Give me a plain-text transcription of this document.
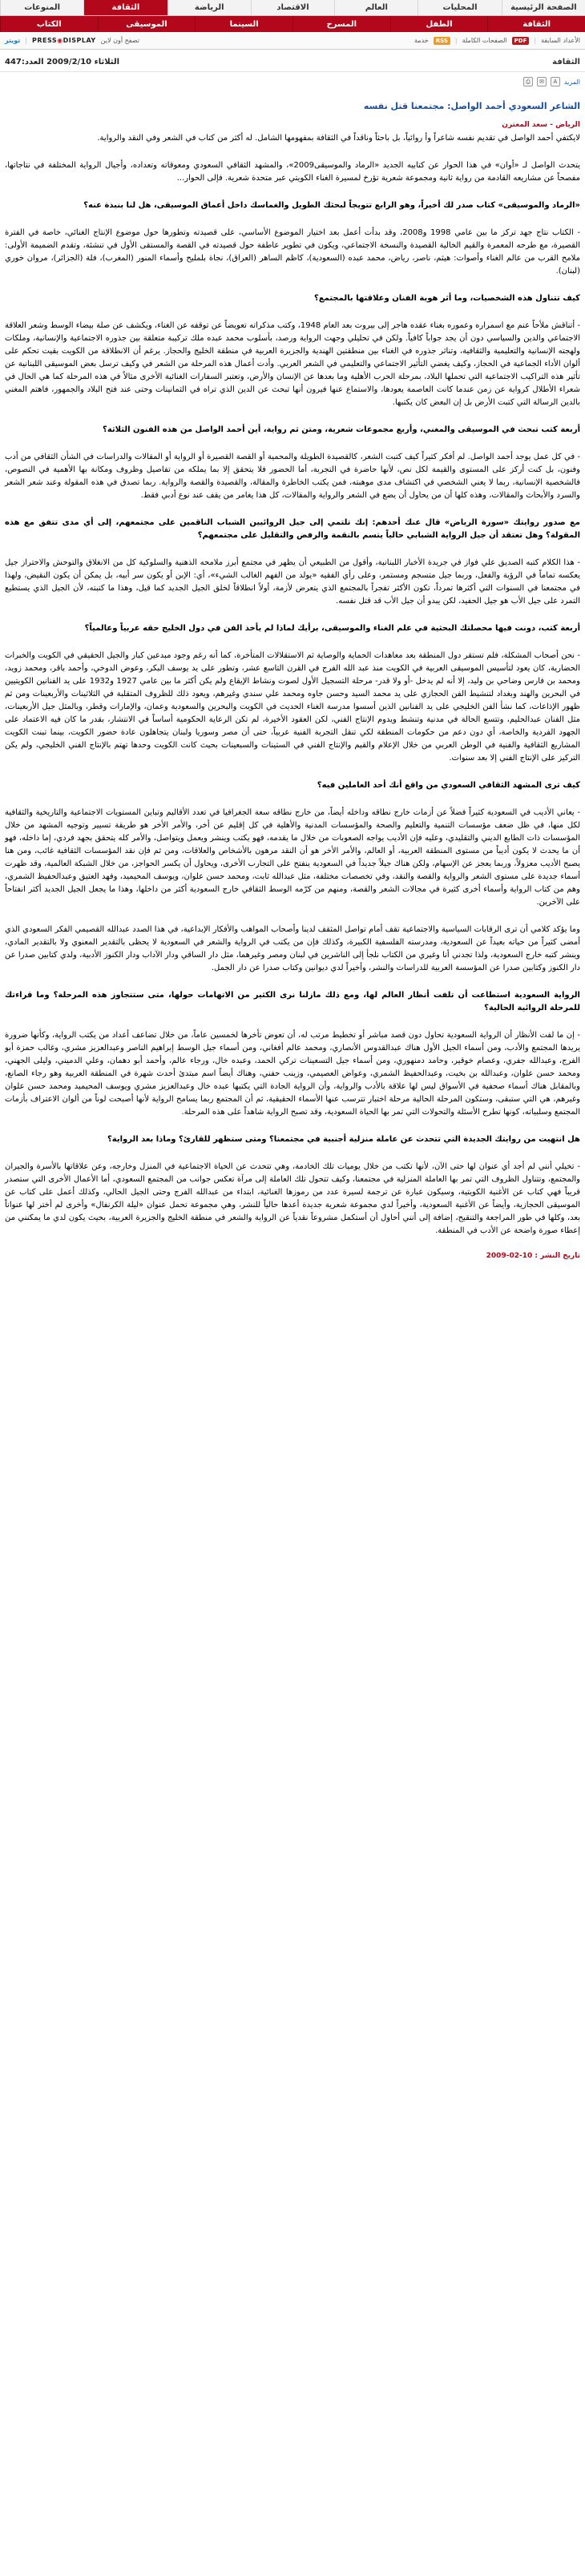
الصفحة الرئيسية
المحليات
العالم
الاقتصاد
الرياضة
الثقافة
المنوعات
الثقافة
الطفل
المسرح
السينما
الموسيقى
الكتاب
الأعداد السابقة
|
PDF
الصفحات الكاملة
|
RSS
خدمة
تصفح أون لاين
PRESS◉DISPLAY
|
تويتر
الثقافة
الثلاثاء 2009/2/10 العدد:447
⎙	✉	A	المزيد
الشاعر السعودي أحمد الواصل: مجتمعنا قتل نفسه
الرياض - سعد المغترن
لايكتفي أحمد الواصل في تقديم نفسه شاعراً وأ روائياً، بل باحثاً وناقداً في الثقافة بمفهومها الشامل. له أكثر من كتاب في الشعر وفي النقد والرواية.
يتحدث الواصل لـ «أوان» في هذا الحوار عن كتابيه الجديد «الرماد والموسيقى2009»، والمشهد الثقافي السعودي ومعوقاته وتعداده، وأجيال الرواية المختلفة في نتاجاتها، مفصحاً عن مشاريعه القادمة من رواية ثانية ومجموعة شعرية تؤرخ لمسيرة الغناء الكويتي عبر متحدة شعرية. فإلى الحوار...
«الرماد والموسيقى» كتاب صدر لك أخيراً، وهو الرابع تتويجاً لبحثك الطويل والغماسك داخل أعماق الموسيقى، هل لنا بنبذة عنه؟
- الكتاب نتاج جهد تركز ما بين عامي 1998 و2008، وقد بدأت أعمل بعد اختيار الموضوع الأساسي، على قصيدته وتطورها حول موضوع الإنتاج الغنائي، خاصة في الفترة القصيرة، مع طرحه المعمرة والقيم الخالية القصيدة والنسخة الاجتماعي، ويكون في تطوير عاطفة حول قصيدته في القصة والمستقى الأول في تنشئة، وتقدم الضميمة الأولى: ملامح القرب من عالم الغناء وأصوات: هيثم، ناصر، رياض، محمد عبده (السعودية)، كاظم الساهر (العراق)، نجاة بلمليح وأسماء المنور (المغرب)، فلة (الجزائر)، مروان خوري (لبنان).
كيف تتناول هذه الشخصيات، وما أثر هوية الفنان وعلاقتها بالمجتمع؟
- أتناقش ملأحاً عنم مع اسمراره وعموره بغناء عقده هاجر إلى بيروت بعد العام 1948، وكتب مذكراته تعويضاً عن توقفه عن الغناء، ويكشف عن صلة بيضاء الوسط وشعر العلاقة الاجتماعي والدين والسياسي دون أن يجد جواباً كافياً. ولكن في تحليلي وجهت الرواية ورصد، بأسلوب محمد عبده ملك تركيبة متعلقة بين جذوره الاجتماعية والإنسانية، وملكات ولهجته الإنسانية والتعليمية والثقافية، وتناثر جذوره في الغناء بين منطقتين الهندية والجزيرة العربية في منطقة الخليج والحجاز. يرغم أن الانطلاقة من الكويت بقيت تحكم على ألوان الأداء الجماعية في الحجاز، وكيف يغضي التأثير الاجتماعي والتعليمي في الشعر العربي. وأدت أعمال هذه المرحلة من الشعر في وكيف ترسل بعض الموسيقى اللبنانية عن تأثير هذه التراكيب الاجتماعية التي تحملها البلاد، بمرحلة الحرب الأهلية وما بعدها عن الإنسان والأرض، وتعتبر السفارات الغنائية الأخرى مثالاً في هذه المرحلة كما هي الحال في شعراء الأطلال كرواية عن زمن عندما كانت العاصمة يعودها، والاستماع عنها فيرون أنها تبحث عن الدين الذي تراه في الثمانينات وحتى عند فتح البلاد والجمهور، فاهتم المغني بالدين الرسالة التي كتبت الأرض بل إن البعض كان يكتبها.
أربعة كتب تبحث في الموسيقى والمغني، وأربع مجموعات شعرية، ومتن ثم رواية، أين أحمد الواصل من هذه الفنون الثلاثة؟
- في كل عمل يوجد أحمد الواصل. لم أفكر كثيراً كيف كتبت الشعر، كالقصيدة الطويلة والمحمية أو القصة القصيرة أو الرواية أو المقالات والدراسات في الشأن الثقافي من أدب وفنون، بل كنت أركز على المستوى والقيمة لكل نص، لأنها حاضرة في التجربة، أما الحضور فلا يتحقق إلا بما يملكه من تفاصيل وظروف ومكانة بها الأهمية في النصوص، فالشخصية الإنسانية، ربما لا يعني الشخصي في اكتشاف مدى موهبته، فمن يكتب الخاطرة والمقالة، والقصيدة والقصة والرواية. ربما تصدق في هذه المقولة وعند شعر الشعر والسرد والأبحاث والمقالات، وهذه كلها أن من يحاول أن يضع في الشعر والرواية والمقالات، كل هذا يغامر من يقف عند نوع أدبي فقط.
مع صدور روايتك «سورة الرياض» قال عنك أحدهم: إنك تلتمي إلى جيل الروائيين الشباب الناقمين على مجتمعهم، إلى أي مدى تتفق مع هذه المقولة؟ وهل تعتقد أن جيل الرواية الشبابي حالياً يتسم بالنقمة والرفض والتقليل على مجتمعهم؟
- هذا الكلام كتبه الصديق علي فواز في جريدة الأخبار اللبنانية، وأقول من الطبيعي أن يظهر في مجتمع أبرز ملامحه الذهنية والسلوكية كل من الانغلاق والتوحش والاحتراز جيل يعكسه تماماً في الرؤية والفعل، وربما جيل متسجم ومستمر، وعلى رأي الفقيه «يولد من الفهم الغالب الشيء»، أي: الإبن أو يكون سر أبيه، بل يمكن أن يكون النقيض، ولهذا في مجتمعنا في السنوات التي أكثرها تمرداً، تكون الأكثر تفجراً بالمجتمع الذي يتعرض لأزمة، أولاً انطلاقاً لخلق الجيل الجديد كما قيل، وهذا ما كتبته، لأن الجيل الذي يستطيع التمرد على جيل الأب هو جيل الحفيد، لكن يبدو أن جيل الأب قد قتل نفسه.
أربعة كتب، دونت فيها محصلتك البحثية في علم الغناء والموسيقى، برأيك لماذا لم يأخذ الفن في دول الخليج حقه عربياً وعالمياً؟
- نحن أصحاب المشكلة، فلم تستقر دول المنطقة بعد معاهدات الحماية والوصاية ثم الاستقلالات المتأخرة، كما أنه رغم وجود مبدعين كبار والجيل الحقيقي في الكويت والخبرات الحضارية، كان يعود لتأسيس الموسيقى العربية في الكويت منذ عبد الله الفرج في القرن التاسع عشر، وتطور على يد يوسف البكر، وعوض الدوخي، وأحمد باقر، ومحمد زويد، ومحمد بن فارس وضاحي بن وليد، إلا أنه لم يدخل -أو ولا قدر- مرحلة التسجيل الأول لصوت ونشاط الإيقاع ولم يكن أكثر ما بين عامي 1927 و1932 على يد الفنانين الكويتيين في البحرين والهند وبغداد لتنشيط الفن الحجازي على يد محمد السيد وحسن جاوه ومحمد علي سندي وغيرهم، ويعود ذلك للظروف المتقلبة في الثلاثينات والأربعينات ومن ثم ظهور الإذاعات، كما نشأ الفن الخليجي على يد الفنانين الذين أسسوا مدرسة الغناء الحديث في الكويت والبحرين والسعودية وعمان، والإمارات وقطر، وبالمثل جيل الأربعينات، مثل الفنان عبدالحليم، وتتسع الحالة في مدنية وتنشط ويدوم الإنتاج الفني، لكن العقود الأخيرة، لم تكن الرعاية الحكومية أساساً في الانتشار، بقدر ما كان فيه الاعتماد على الجهود الفردية والخاصة، أي دون دعم من حكومات المنطقة لكي تنقل التجربة الفنية عربياً، حتى أن مصر وسوريا ولبنان يتجاهلون عادة حضور الكويت، بينما تبنت الكويت المشاريع الثقافية والفنية في الوطن العربي من خلال الإعلام والقيم والإنتاج الفني في الستينات والسبعينات بحيث كانت الكويت وحدها تهتم بالإنتاج الفني الخليجي، ولم يكن التركيز على الإنتاج الفني إلا بعد سنوات.
كيف ترى المشهد الثقافي السعودي من واقع أنك أحد العاملين فيه؟
- يعاني الأديب في السعودية كثيراً فضلاً عن أزمات خارج نطاقه وداخله أيضاً، من خارج نطاقه سعة الجغرافيا في تعدد الأقاليم وتباين المستويات الاجتماعية والتاريخية والثقافية لكل منها، في ظل ضعف مؤسسات التنمية والتعليم والصحة والمؤسسات المدنية والأهلية في كل إقليم عن أخر، والأمر الأخر هو طريقة تسيير وتوجيه المشهد من خلال المؤسسات ذات الطابع الديني والتقليدي، وعليه فإن الأديب يواجه الصعوبات من خلال ما يقدمه، فهو يكتب وينشر ويعمل ويتواصل، والأمر كله يتحقق بجهد فردي، إما داخله، فهو أن ما يحدث لا يكون أديباً من مستوى المنطقة العربية، أو العالم، والأمر الأخر هو أن النقد مرهون بالأشخاص والعلاقات، ومن ثم فإن نقد المؤسسات الثقافية غائب، ومن هنا يصبح الأديب معزولاً، وربما يعجز عن الإسهام، ولكن هناك جيلاً جديداً في السعودية ينفتح على التجارب الأخرى، ويحاول أن يكسر الحواجز، من خلال الشبكة العالمية، وقد ظهرت أسماء جديدة على مستوى الشعر والرواية والقصة والنقد، وفي تخصصات مختلفة، مثل عبدالله ثابت، ومحمد حسن علوان، ويوسف المحيميد، وفهد العتيق وعبدالحفيظ الشمري، وهم من كتاب الرواية وأسماء أخرى كثيرة في مجالات الشعر والقصة، ومنهم من كرّمه الوسط الثقافي خارج السعودية أكثر من داخلها، وهذا ما يجعل الجيل الجديد أكثر انفتاحاً على الآخرين.
وما يؤكد كلامي أن ترى الرقابات السياسية والاجتماعية تقف أمام تواصل المثقف لدينا وأصحاب المواهب والأفكار الإبداعية، في هذا الصدد عبدالله القصيمي الفكر السعودي الذي أمضى كثيراً من حياته بعيداً عن السعودية، ومدرسته الفلسفية الكبيرة، وكذلك فإن من يكتب في الرواية والشعر في السعودية لا يحظى بالتقدير المعنوي ولا بالتقدير المادي، وينشر كتبه خارج السعودية، ولذا تجدني أنا وغيري من الكتاب نلجأ إلى الناشرين في لبنان ومصر وغيرهما، مثل دار الساقي ودار الآداب ودار الكنوز الأدبية، ولدي كتابين صدرا عن دار الكنوز وكتابين صدرا عن المؤسسة العربية للدراسات والنشر، وأخيراً لدي ديوانين وكتاب صدرا عن دار الجمل.
الرواية السعودية استطاعت أن تلفت أنظار العالم لها، ومع ذلك مازلنا نرى الكثير من الاتهامات حولها، متى ستتجاوز هذه المرحلة؟ وما قراءتك للمرحلة الروائية الحالية؟
- إن ما لفت الأنظار أن الرواية السعودية تحاول دون قصد مباشر أو تخطيط مرتب له، أن تعوض تأخرها لخمسين عاماً، من خلال تضاعف أعداد من يكتب الرواية، وكأنها ضرورة يريدها المجتمع والأدب، ومن أسماء الجيل الأول هناك عبدالقدوس الأنصاري، ومحمد عالم أفغاني، ومن أسماء جيل الوسط إبراهيم الناصر وعبدالعزيز مشري، وغالب حمزة أبو الفرج، وعبدالله جفري، وعصام خوقير، وحامد دمنهوري، ومن أسماء جيل التسعينات تركي الحمد، وعبده خال، ورجاء عالم، وأحمد أبو دهمان، وعلي الدميني، وليلى الجهني، ومحمد حسن علوان، وعبدالله بن بخيت، وعبدالحفيظ الشمري، وعواض العصيمي، وزينب حفني، وهناك أيضاً اسم مبتدئ أحدث شهرة في المنطقة العربية وهو رجاء الصانع، وبالمقابل هناك أسماء صحفية في الأسواق ليس لها علاقة بالأدب والرواية، وأن الرواية الجادة التي يكتبها عبده خال وعبدالعزيز مشري ويوسف المحيميد ومحمد حسن علوان وغيرهم، هي التي ستبقى، وستكون المرحلة الحالية مرحلة اختبار تترسب عنها الأسماء الحقيقية، ثم أن المجتمع ربما يسامح الرواية لأنها أصبحت لوناً من ألوان الاعتراف بأزمات المجتمع وسلبياته، كونها تطرح الأسئلة والتحولات التي تمر بها الحياة السعودية، وقد تصبح الرواية شاهداً على هذه المرحلة.
هل انتهيت من روايتك الجديدة التي تتحدث عن عاملة منزلية أجنبية في مجتمعنا؟ ومتى ستظهر للقارئ؟ وماذا بعد الرواية؟
- تخيلي أنني لم أجد أي عنوان لها حتى الآن، لأنها تكتب من خلال يوميات تلك الخادمة، وهي تتحدث عن الحياة الاجتماعية في المنزل وخارجه، وعن علاقاتها بالأسرة والجيران والمجتمع، وتتناول الظروف التي تمر بها العاملة المنزلية في مجتمعنا، وكيف تتحول تلك العاملة إلى مرآة تعكس جوانب من المجتمع السعودي، أما الأعمال الأخرى التي ستصدر قريباً فهي كتاب عن الأغنية الكويتية، وسيكون عبارة عن ترجمة لسيرة عدد من رموزها الغنائية، ابتداء من عبدالله الفرج وحتى الجيل الحالي، وكذلك أعمل على كتاب عن الموسيقى الحجازية، وأيضاً عن الأغنية السعودية، وأخيراً لدي مجموعة شعرية جديدة أعدها حالياً للنشر، وهي مجموعة تحمل عنوان «ليلة الكرنفال» وأخرى لم أختر لها عنواناً بعد، وكلها في طور المراجعة والتنقيح، إضافة إلى أنني أحاول أن أستكمل مشروعاً نقدياً عن الرواية والشعر في منطقة الخليج والجزيرة العربية، بحيث يكون لدي ما يمكنني من إعطاء صورة واضحة عن الأدب في المنطقة.
تاريخ النشر : 10-02-2009
